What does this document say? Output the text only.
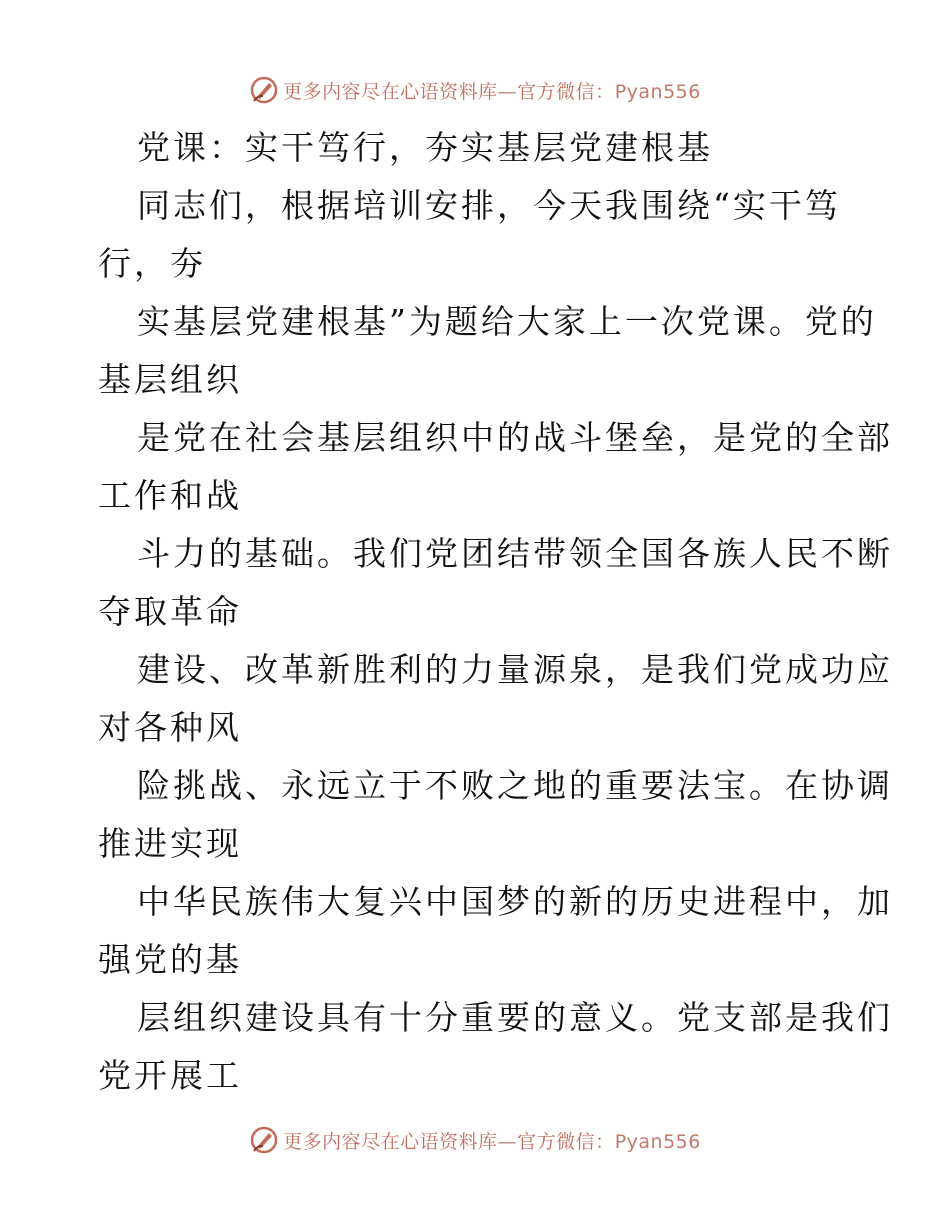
更多内容尽在心语资料库—官方微信：Pyan556
党课：实干笃行，夯实基层党建根基
同志们，根据培训安排，今天我围绕“实干笃
行，夯
实基层党建根基”为题给大家上一次党课。党的
基层组织
是党在社会基层组织中的战斗堡垒，是党的全部
工作和战
斗力的基础。我们党团结带领全国各族人民不断
夺取革命
建设、改革新胜利的力量源泉，是我们党成功应
对各种风
险挑战、永远立于不败之地的重要法宝。在协调
推进实现
中华民族伟大复兴中国梦的新的历史进程中，加
强党的基
层组织建设具有十分重要的意义。党支部是我们
党开展工
更多内容尽在心语资料库—官方微信：Pyan556
